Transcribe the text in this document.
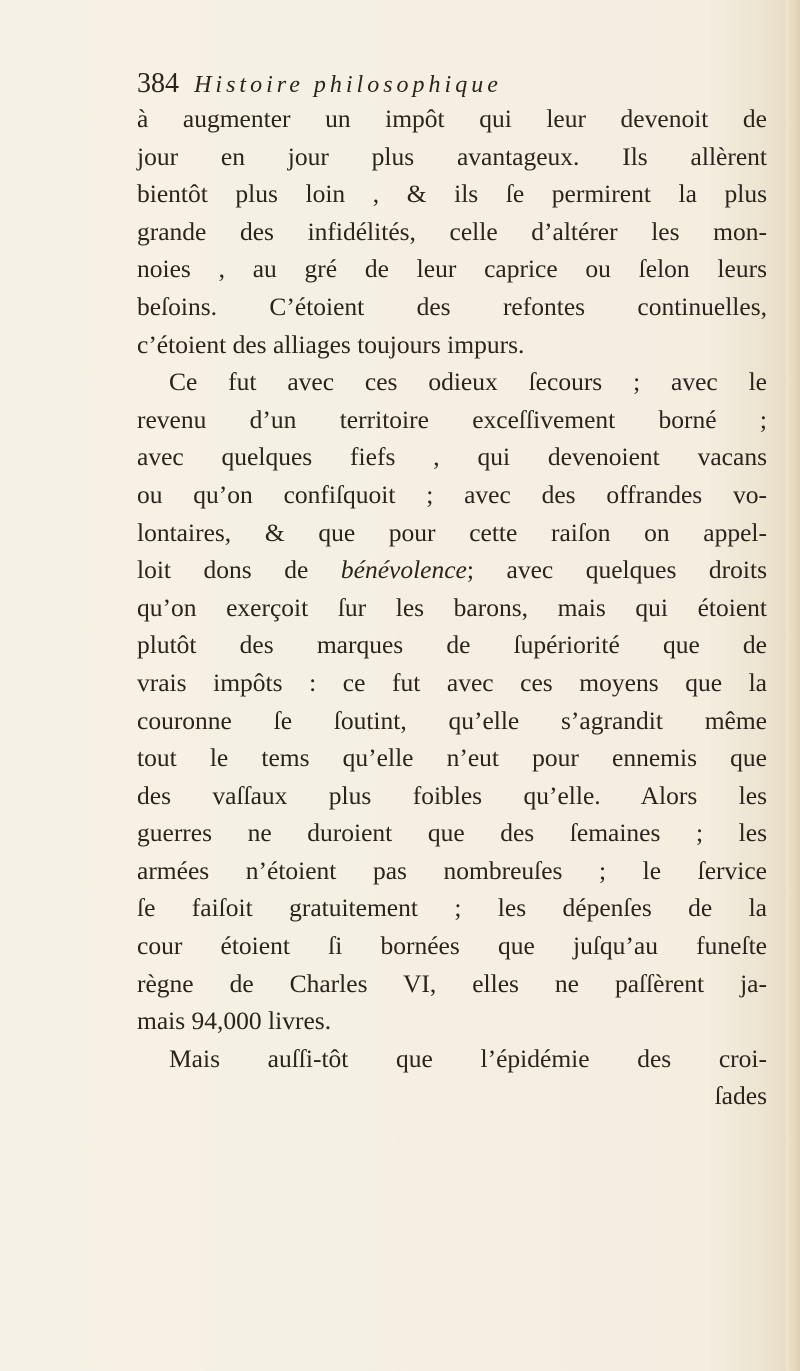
384 Histoire philosophique
à augmenter un impôt qui leur devenoit de
jour en jour plus avantageux. Ils allèrent
bientôt plus loin , & ils ſe permirent la plus
grande des infidélités, celle d’altérer les mon-
noies , au gré de leur caprice ou ſelon leurs
beſoins. C’étoient des refontes continuelles,
c’étoient des alliages toujours impurs.
Ce fut avec ces odieux ſecours ; avec le
revenu d’un territoire exceſſivement borné ;
avec quelques fiefs , qui devenoient vacans
ou qu’on confiſquoit ; avec des offrandes vo-
lontaires, & que pour cette raiſon on appel-
loit dons de bénévolence; avec quelques droits
qu’on exerçoit ſur les barons, mais qui étoient
plutôt des marques de ſupériorité que de
vrais impôts : ce fut avec ces moyens que la
couronne ſe ſoutint, qu’elle s’agrandit même
tout le tems qu’elle n’eut pour ennemis que
des vaſſaux plus foibles qu’elle. Alors les
guerres ne duroient que des ſemaines ; les
armées n’étoient pas nombreuſes ; le ſervice
ſe faiſoit gratuitement ; les dépenſes de la
cour étoient ſi bornées que juſqu’au funeſte
règne de Charles VI, elles ne paſſèrent ja-
mais 94,000 livres.
Mais auſſi-tôt que l’épidémie des croi-
ſades
